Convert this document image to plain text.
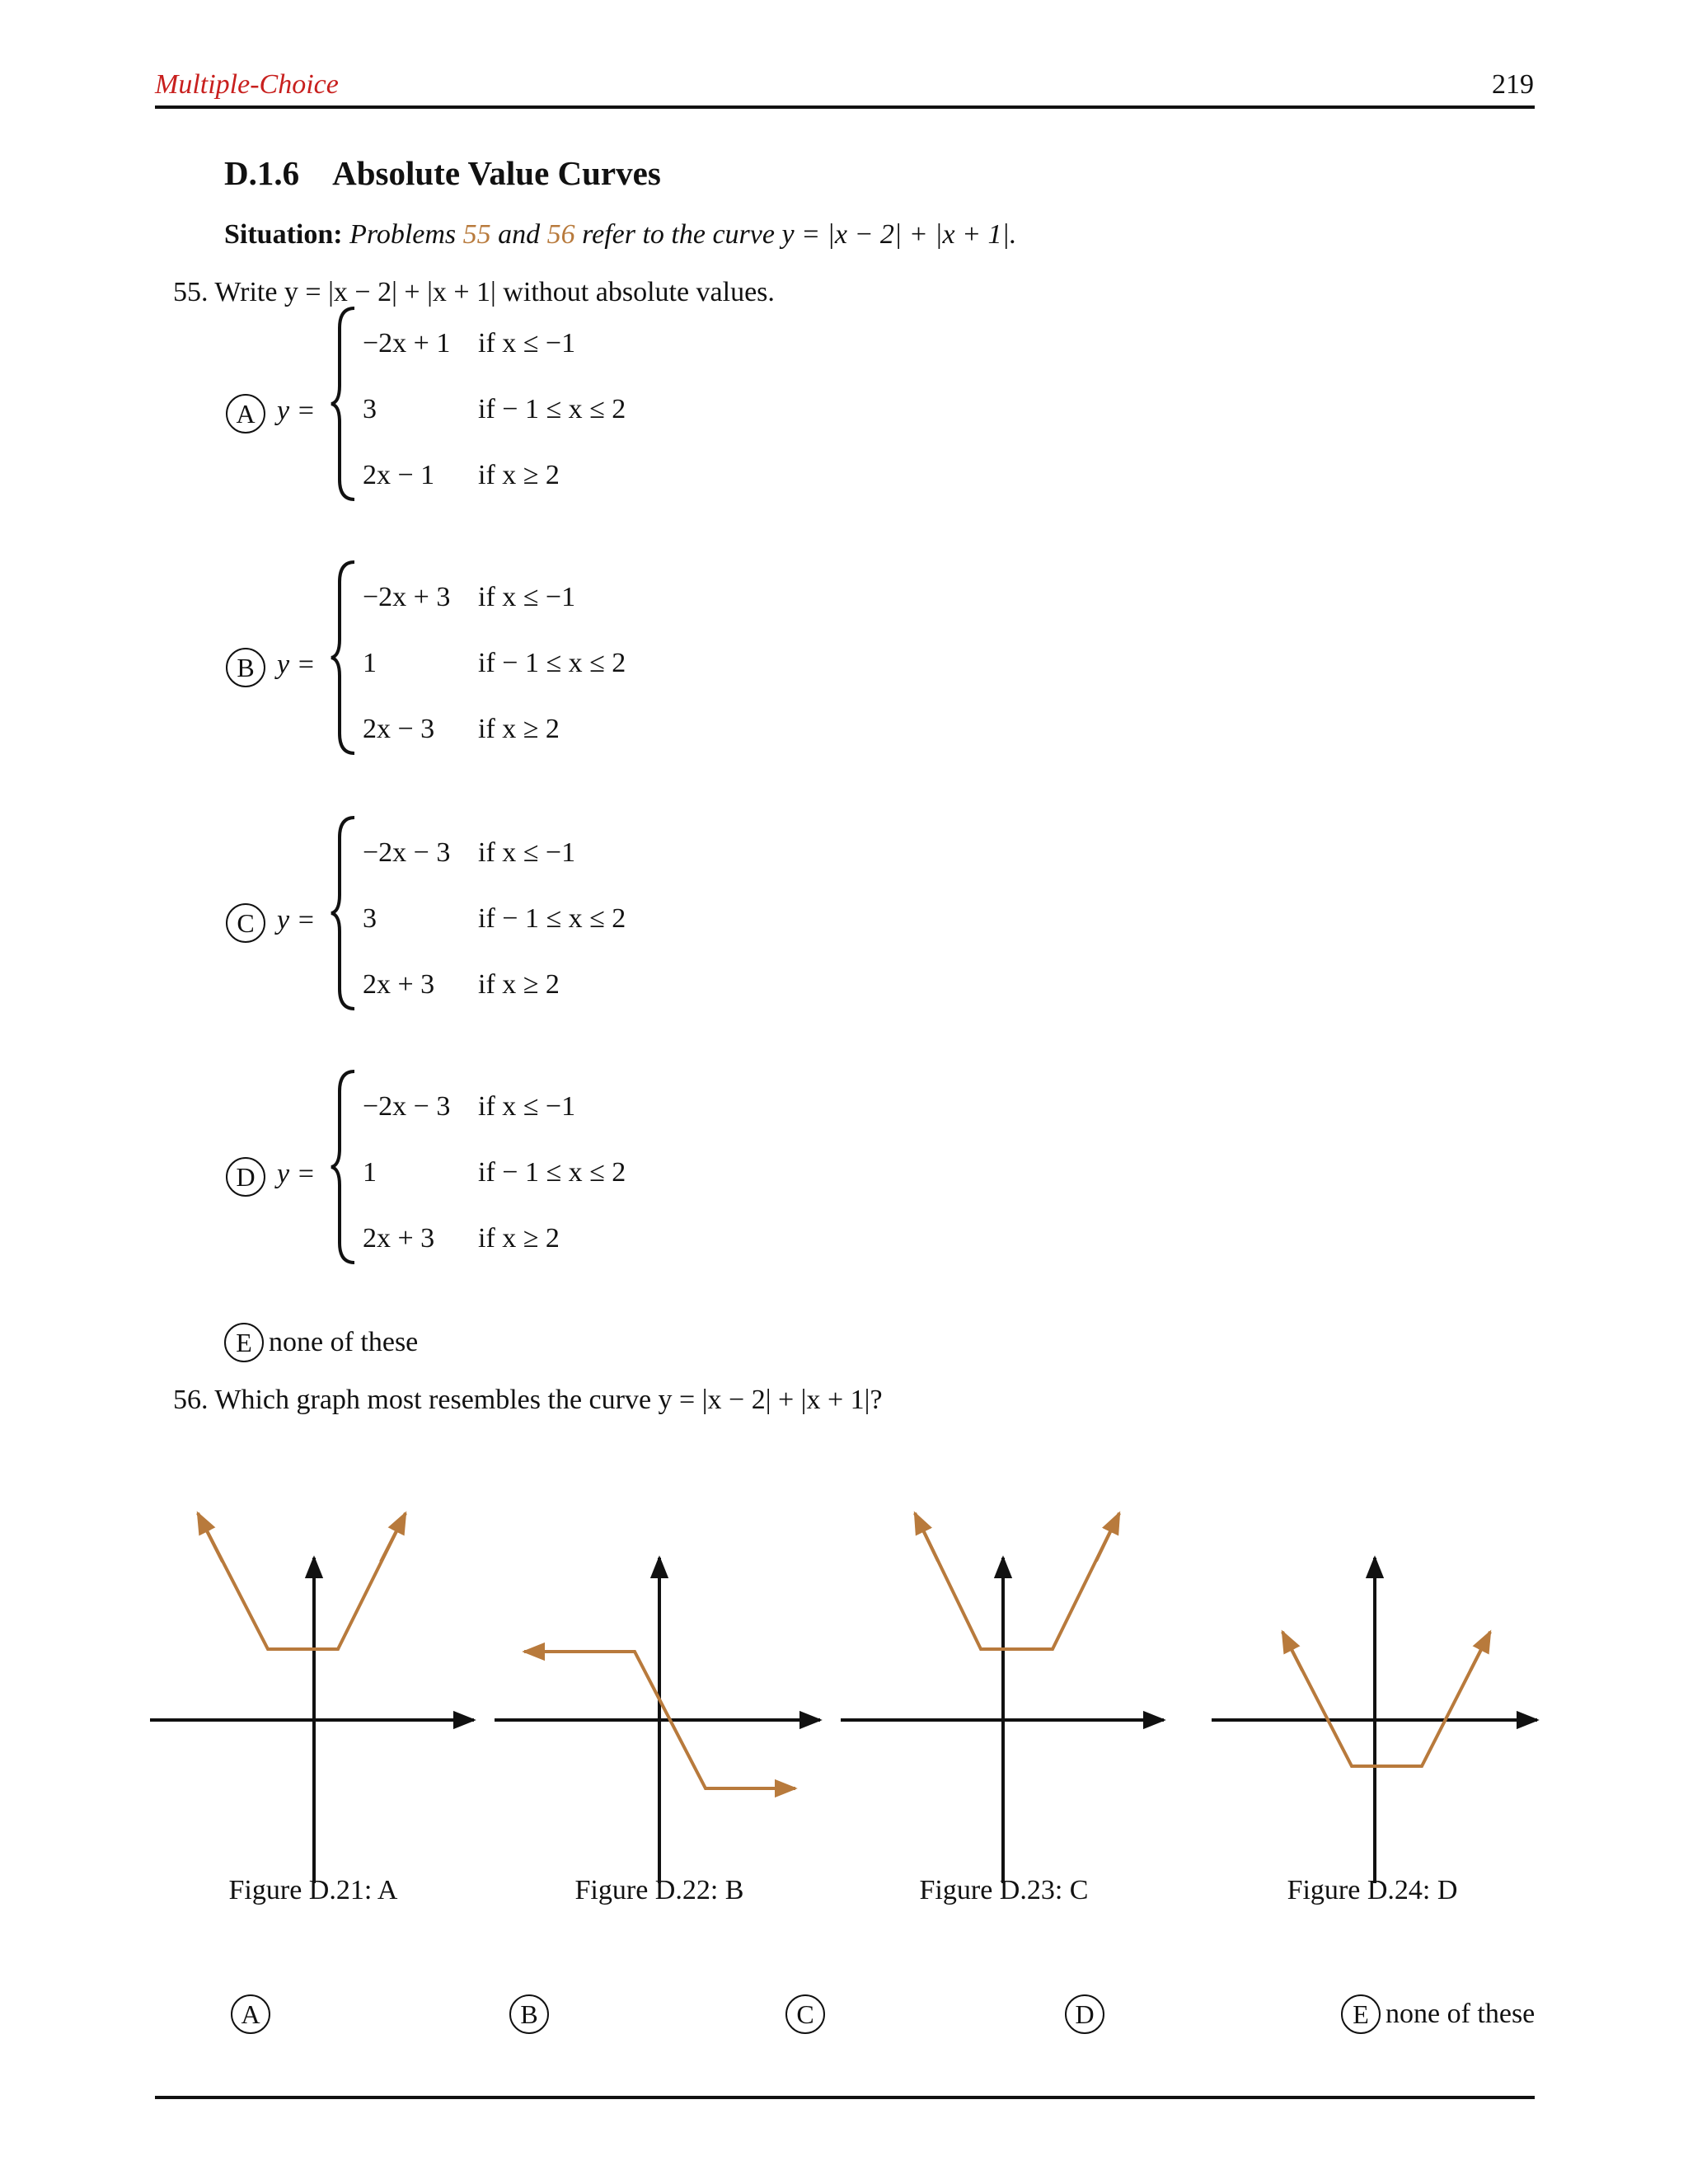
Multiple-Choice	219
D.1.6 Absolute Value Curves
Situation: Problems 55 and 56 refer to the curve y = |x − 2| + |x + 1|.
55. Write y = |x − 2| + |x + 1| without absolute values.
A y =
−2x + 1 if x ≤ −1
3	if − 1 ≤ x ≤ 2
2x − 1 if x ≥ 2
B y =
−2x + 3 if x ≤ −1
1	if − 1 ≤ x ≤ 2
2x − 3 if x ≥ 2
C y =
−2x − 3 if x ≤ −1
3	if − 1 ≤ x ≤ 2
2x + 3 if x ≥ 2
D y =
−2x − 3 if x ≤ −1
1	if − 1 ≤ x ≤ 2
2x + 3 if x ≥ 2
E none of these
56. Which graph most resembles the curve y = |x − 2| + |x + 1|?
Figure D.21: A	Figure D.22: B	Figure D.23: C	Figure D.24: D
A	B	C	D	E none of these
